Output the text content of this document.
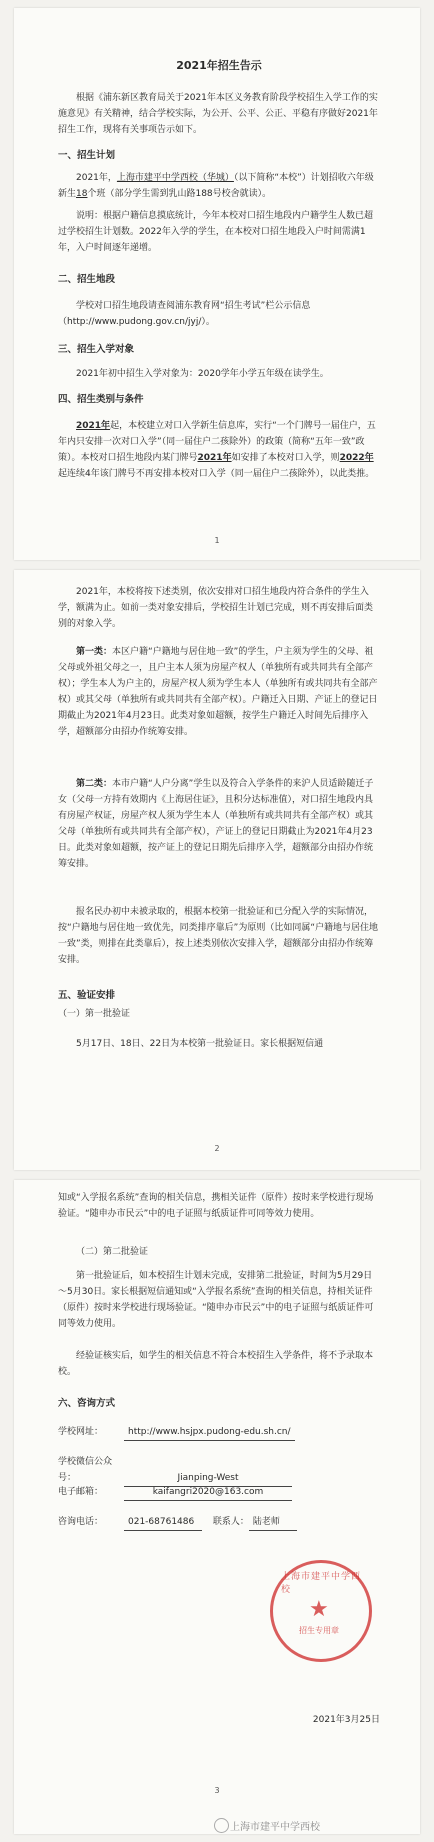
2021年招生告示
根据《浦东新区教育局关于2021年本区义务教育阶段学校招生入学工作的实施意见》有关精神，结合学校实际，为公开、公平、公正、平稳有序做好2021年招生工作，现将有关事项告示如下。
一、招生计划
2021年，上海市建平中学西校（华城）（以下简称“本校”）计划招收六年级新生18个班（部分学生需到乳山路188号校舍就读）。
说明：根据户籍信息摸底统计，今年本校对口招生地段内户籍学生人数已超过学校招生计划数。2022年入学的学生，在本校对口招生地段入户时间需满1年，入户时间逐年递增。
二、招生地段
学校对口招生地段请查阅浦东教育网“招生考试”栏公示信息（http://www.pudong.gov.cn/jyj/）。
三、招生入学对象
2021年初中招生入学对象为：2020学年小学五年级在读学生。
四、招生类别与条件
2021年起，本校建立对口入学新生信息库，实行“一个门牌号一届住户，五年内只安排一次对口入学”（同一届住户二孩除外）的政策（简称“五年一致”政策）。本校对口招生地段内某门牌号2021年如安排了本校对口入学，则2022年起连续4年该门牌号不再安排本校对口入学（同一届住户二孩除外），以此类推。
1
2021年，本校将按下述类别，依次安排对口招生地段内符合条件的学生入学，额满为止。如前一类对象安排后，学校招生计划已完成，则不再安排后面类别的对象入学。
第一类：本区户籍“户籍地与居住地一致”的学生，户主须为学生的父母、祖父母或外祖父母之一，且户主本人须为房屋产权人（单独所有或共同共有全部产权）；学生本人为户主的，房屋产权人须为学生本人（单独所有或共同共有全部产权）或其父母（单独所有或共同共有全部产权）。户籍迁入日期、产证上的登记日期截止为2021年4月23日。此类对象如超额，按学生户籍迁入时间先后排序入学，超额部分由招办作统筹安排。
第二类：本市户籍“人户分离”学生以及符合入学条件的来沪人员适龄随迁子女（父母一方持有效期内《上海居住证》，且积分达标准值），对口招生地段内具有房屋产权证，房屋产权人须为学生本人（单独所有或共同共有全部产权）或其父母（单独所有或共同共有全部产权），产证上的登记日期截止为2021年4月23日。此类对象如超额，按产证上的登记日期先后排序入学，超额部分由招办作统筹安排。
报名民办初中未被录取的，根据本校第一批验证和已分配入学的实际情况，按“户籍地与居住地一致优先，同类排序靠后”为原则（比如同属“户籍地与居住地一致”类，则排在此类靠后），按上述类别依次安排入学，超额部分由招办作统筹安排。
五、验证安排
（一）第一批验证
5月17日、18日、22日为本校第一批验证日。家长根据短信通
2
知或“入学报名系统”查询的相关信息，携相关证件（原件）按时来学校进行现场验证。“随申办市民云”中的电子证照与纸质证件可同等效力使用。
（二）第二批验证
第一批验证后，如本校招生计划未完成，安排第二批验证，时间为5月29日～5月30日。家长根据短信通知或“入学报名系统”查询的相关信息，持相关证件（原件）按时来学校进行现场验证。“随申办市民云”中的电子证照与纸质证件可同等效力使用。
经验证核实后，如学生的相关信息不符合本校招生入学条件，将不予录取本校。
六、咨询方式
学校网址：	http://www.hsjpx.pudong-edu.sh.cn/
学校微信公众号：	Jianping-West
电子邮箱：	kaifangri2020@163.com
咨询电话：	021-68761486 联系人： 陆老师
上海市建平中学西校
★
招生专用章
2021年3月25日
3
上海市建平中学西校
